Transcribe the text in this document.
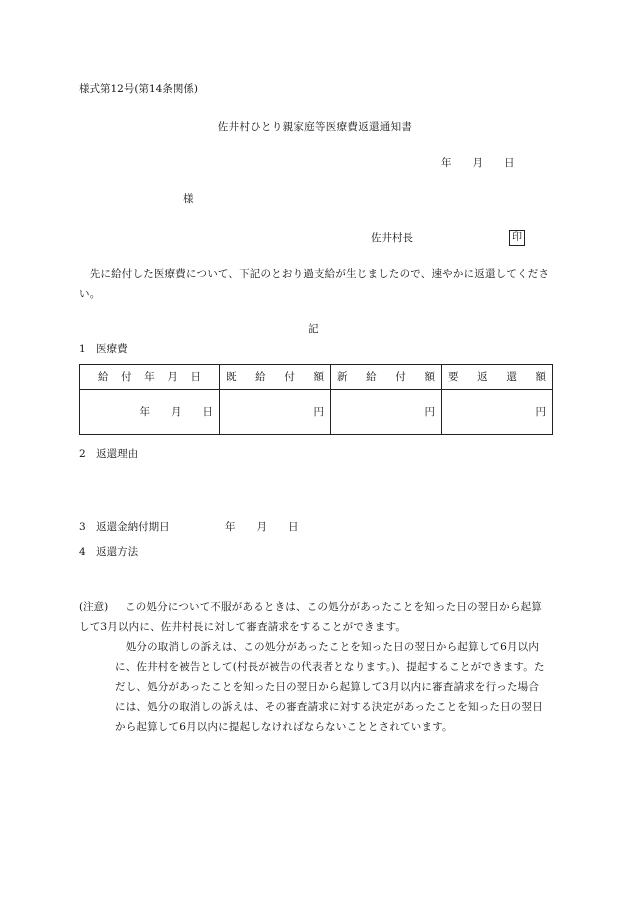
様式第12号(第14条関係)
佐井村ひとり親家庭等医療費返還通知書
年　　月　　日
様
佐井村長	印
　先に給付した医療費について、下記のとおり過支給が生じましたので、速やかに返還してください。
記
1　医療費
給付年月日	既給付額	新給付額	要返還額
年　　月　　日	円	円	円
2　返還理由
3　返還金納付期日	年　　月　　日
4　返還方法
(注意)	この処分について不服があるときは、この処分があったことを知った日の翌日から起算して3月以内に、佐井村長に対して審査請求をすることができます。
　処分の取消しの訴えは、この処分があったことを知った日の翌日から起算して6月以内に、佐井村を被告として(村長が被告の代表者となります。)、提起することができます。ただし、処分があったことを知った日の翌日から起算して3月以内に審査請求を行った場合には、処分の取消しの訴えは、その審査請求に対する決定があったことを知った日の翌日から起算して6月以内に提起しなければならないこととされています。
